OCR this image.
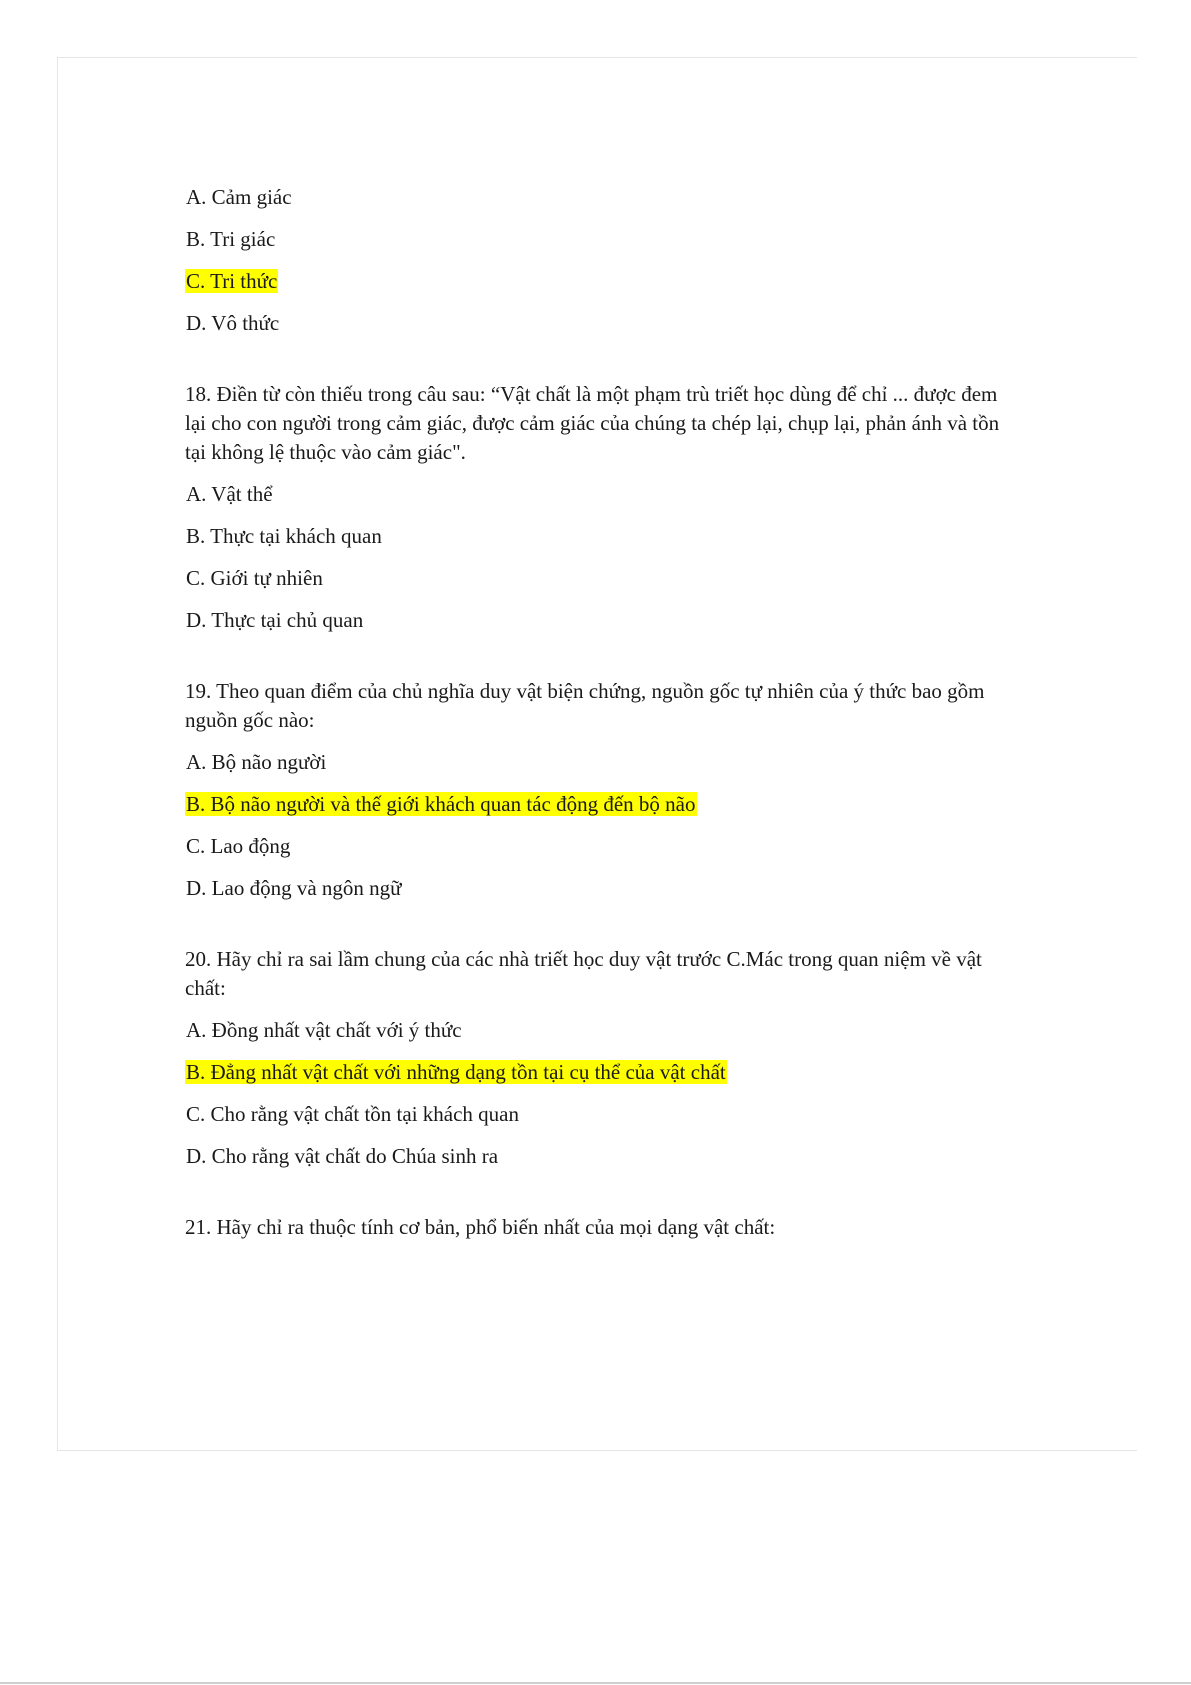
A. Cảm giác
B. Tri giác
C. Tri thức
D. Vô thức

18. Điền từ còn thiếu trong câu sau: “Vật chất là một phạm trù triết học dùng để chỉ ... được đem lại cho con người trong cảm giác, được cảm giác của chúng ta chép lại, chụp lại, phản ánh và tồn tại không lệ thuộc vào cảm giác".

A. Vật thể
B. Thực tại khách quan
C. Giới tự nhiên
D. Thực tại chủ quan

19. Theo quan điểm của chủ nghĩa duy vật biện chứng, nguồn gốc tự nhiên của ý thức bao gồm nguồn gốc nào:

A. Bộ não người
B. Bộ não người và thế giới khách quan tác động đến bộ não
C. Lao động
D. Lao động và ngôn ngữ

20. Hãy chỉ ra sai lầm chung của các nhà triết học duy vật trước C.Mác trong quan niệm về vật chất:

A. Đồng nhất vật chất với ý thức
B. Đẳng nhất vật chất với những dạng tồn tại cụ thể của vật chất
C. Cho rằng vật chất tồn tại khách quan
D. Cho rằng vật chất do Chúa sinh ra

21. Hãy chỉ ra thuộc tính cơ bản, phổ biến nhất của mọi dạng vật chất:
